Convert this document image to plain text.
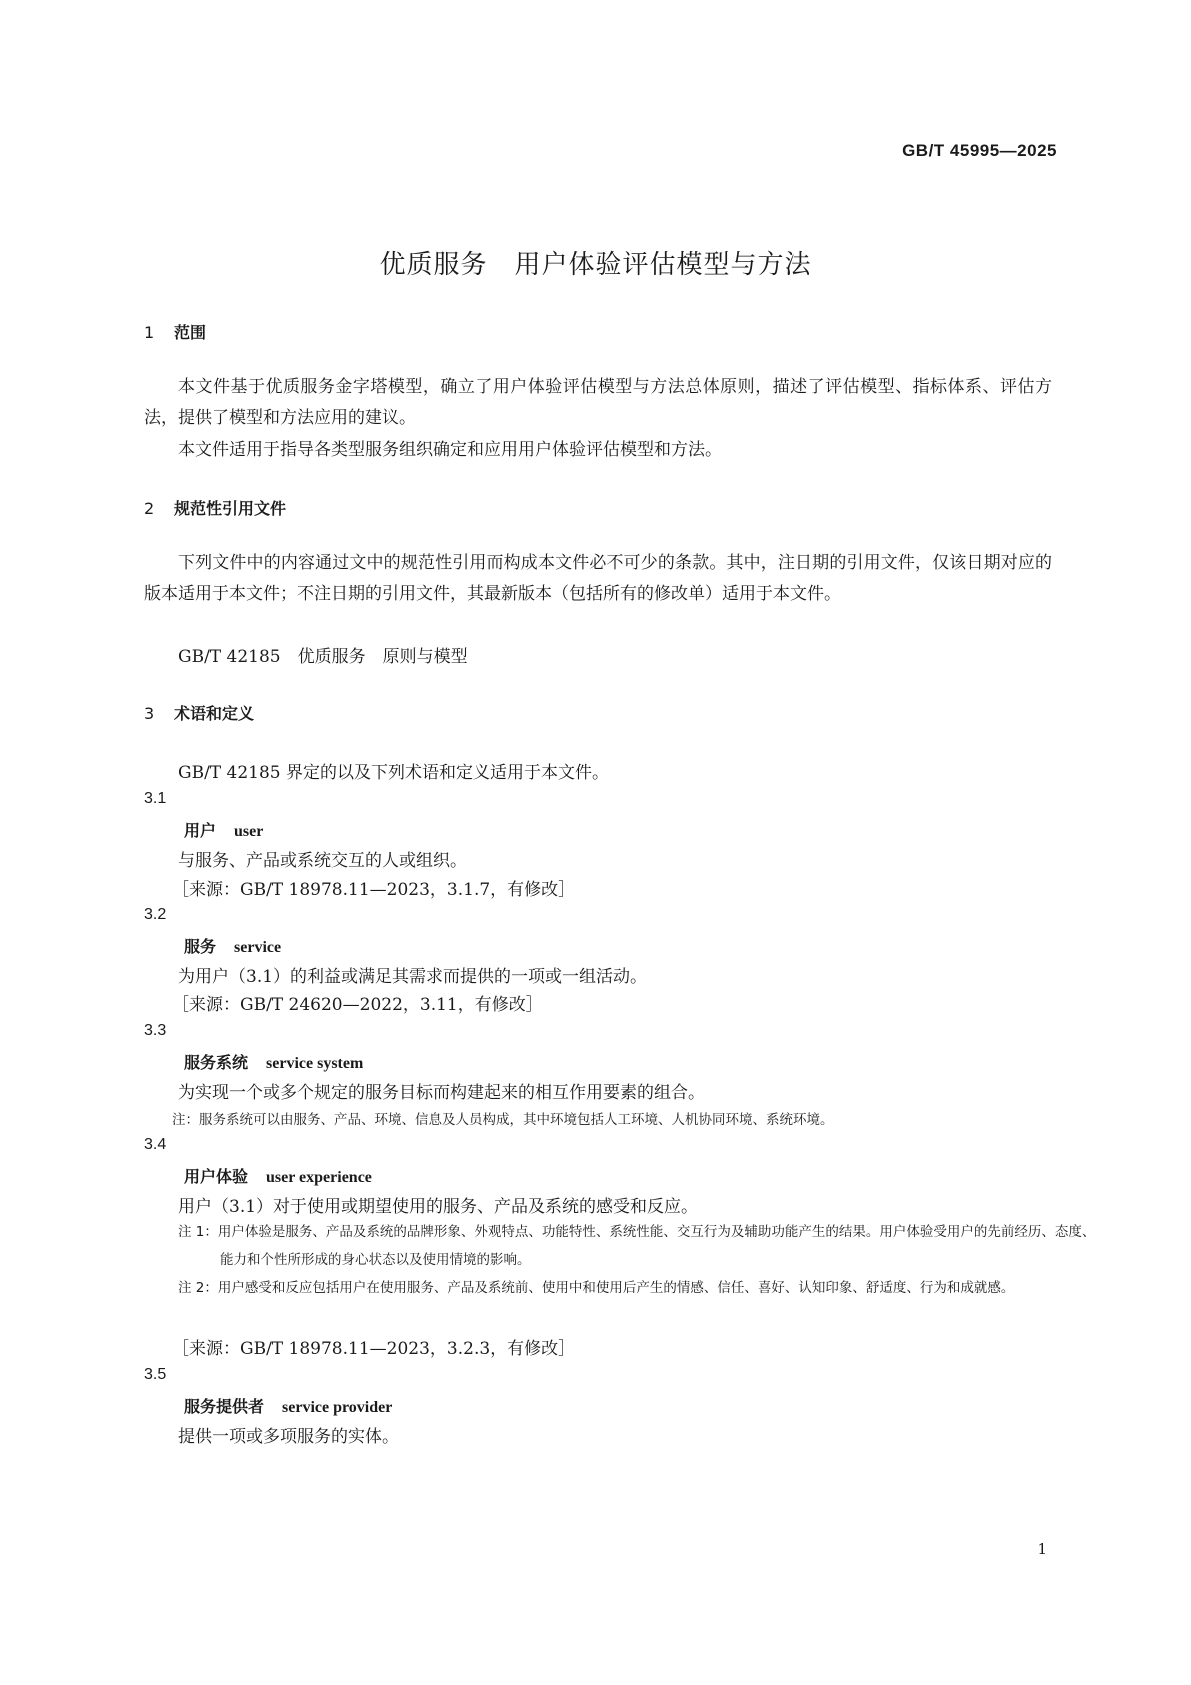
GB/T 45995—2025
优质服务　用户体验评估模型与方法
1 范围
本文件基于优质服务金字塔模型，确立了用户体验评估模型与方法总体原则，描述了评估模型、指标体系、评估方法，提供了模型和方法应用的建议。
本文件适用于指导各类型服务组织确定和应用用户体验评估模型和方法。
2 规范性引用文件
下列文件中的内容通过文中的规范性引用而构成本文件必不可少的条款。其中，注日期的引用文件，仅该日期对应的版本适用于本文件；不注日期的引用文件，其最新版本（包括所有的修改单）适用于本文件。
GB/T 42185　优质服务　原则与模型
3 术语和定义
GB/T 42185 界定的以及下列术语和定义适用于本文件。
3.1
用户 user
与服务、产品或系统交互的人或组织。
［来源：GB/T 18978.11—2023，3.1.7，有修改］
3.2
服务 service
为用户（3.1）的利益或满足其需求而提供的一项或一组活动。
［来源：GB/T 24620—2022，3.11，有修改］
3.3
服务系统 service system
为实现一个或多个规定的服务目标而构建起来的相互作用要素的组合。
注：服务系统可以由服务、产品、环境、信息及人员构成，其中环境包括人工环境、人机协同环境、系统环境。
3.4
用户体验 user experience
用户（3.1）对于使用或期望使用的服务、产品及系统的感受和反应。
注 1：用户体验是服务、产品及系统的品牌形象、外观特点、功能特性、系统性能、交互行为及辅助功能产生的结果。用户体验受用户的先前经历、态度、能力和个性所形成的身心状态以及使用情境的影响。
注 2：用户感受和反应包括用户在使用服务、产品及系统前、使用中和使用后产生的情感、信任、喜好、认知印象、舒适度、行为和成就感。
［来源：GB/T 18978.11—2023，3.2.3，有修改］
3.5
服务提供者 service provider
提供一项或多项服务的实体。
1
